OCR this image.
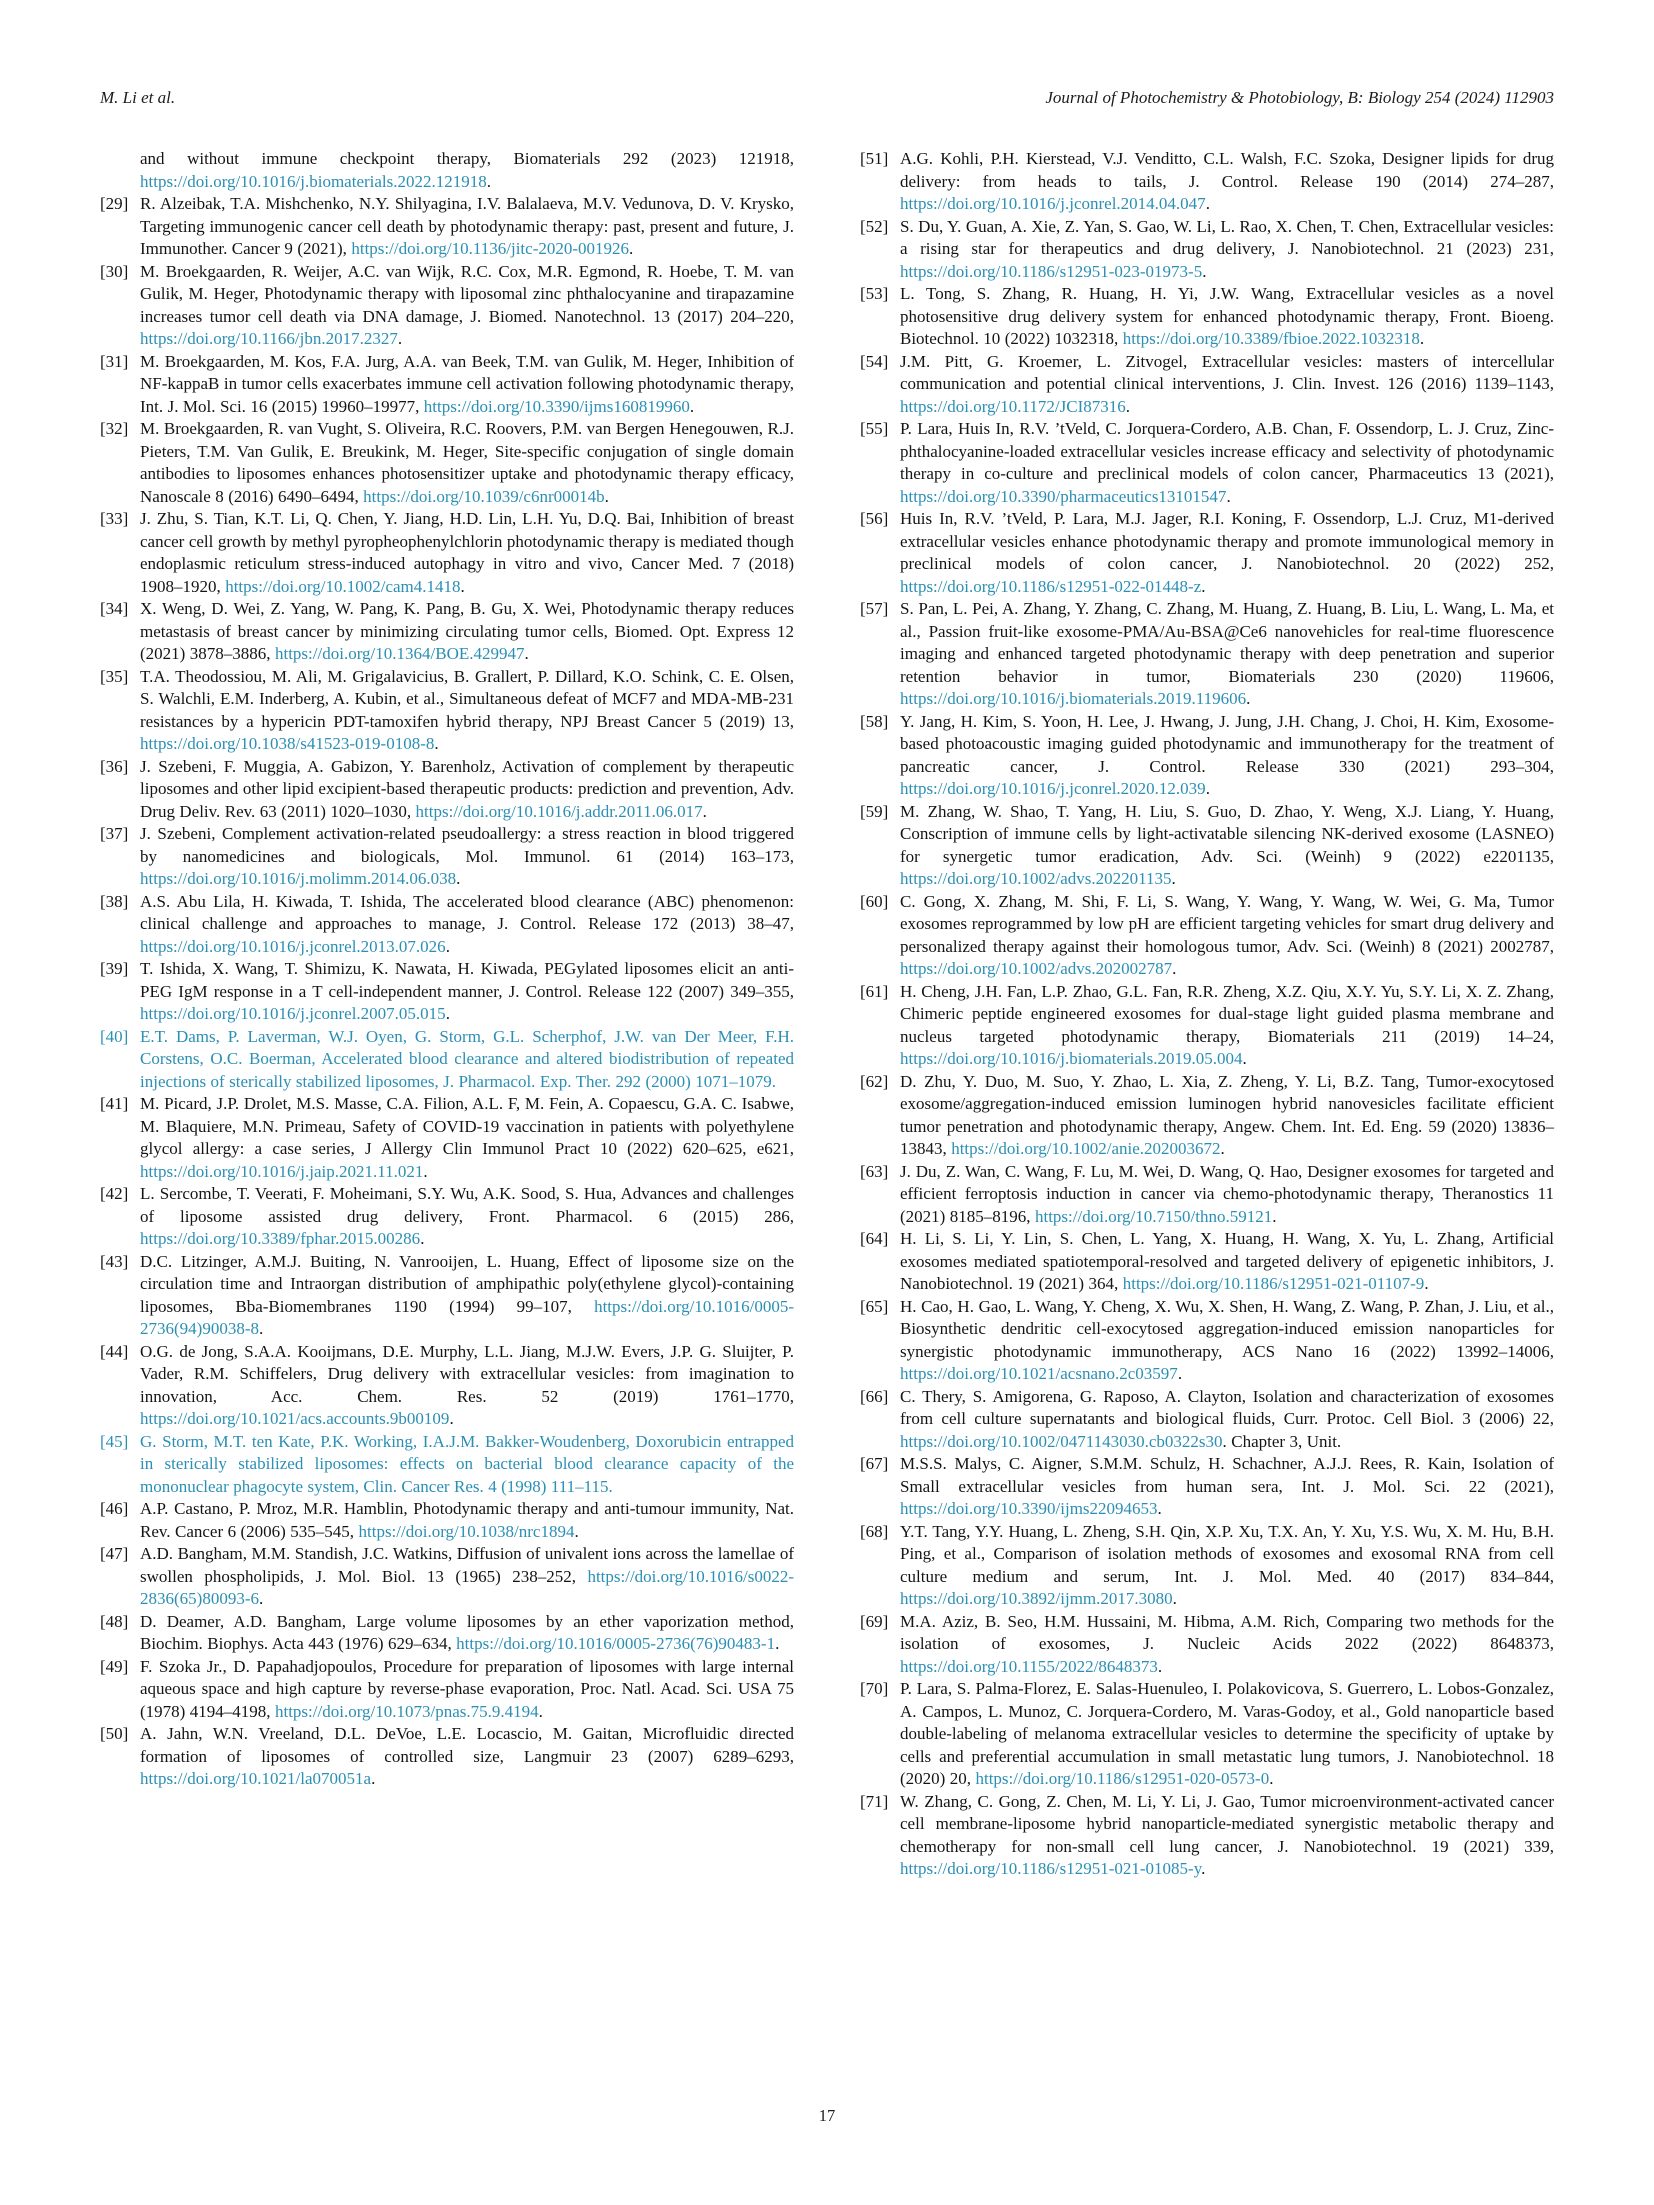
M. Li et al.	Journal of Photochemistry & Photobiology, B: Biology 254 (2024) 112903
and without immune checkpoint therapy, Biomaterials 292 (2023) 121918, https://doi.org/10.1016/j.biomaterials.2022.121918.
[29] R. Alzeibak, T.A. Mishchenko, N.Y. Shilyagina, I.V. Balalaeva, M.V. Vedunova, D. V. Krysko, Targeting immunogenic cancer cell death by photodynamic therapy: past, present and future, J. Immunother. Cancer 9 (2021), https://doi.org/10.1136/jitc-2020-001926.
[30] M. Broekgaarden, R. Weijer, A.C. van Wijk, R.C. Cox, M.R. Egmond, R. Hoebe, T. M. van Gulik, M. Heger, Photodynamic therapy with liposomal zinc phthalocyanine and tirapazamine increases tumor cell death via DNA damage, J. Biomed. Nanotechnol. 13 (2017) 204–220, https://doi.org/10.1166/jbn.2017.2327.
[31] M. Broekgaarden, M. Kos, F.A. Jurg, A.A. van Beek, T.M. van Gulik, M. Heger, Inhibition of NF-kappaB in tumor cells exacerbates immune cell activation following photodynamic therapy, Int. J. Mol. Sci. 16 (2015) 19960–19977, https://doi.org/10.3390/ijms160819960.
[32] M. Broekgaarden, R. van Vught, S. Oliveira, R.C. Roovers, P.M. van Bergen Henegouwen, R.J. Pieters, T.M. Van Gulik, E. Breukink, M. Heger, Site-specific conjugation of single domain antibodies to liposomes enhances photosensitizer uptake and photodynamic therapy efficacy, Nanoscale 8 (2016) 6490–6494, https://doi.org/10.1039/c6nr00014b.
[33] J. Zhu, S. Tian, K.T. Li, Q. Chen, Y. Jiang, H.D. Lin, L.H. Yu, D.Q. Bai, Inhibition of breast cancer cell growth by methyl pyropheophenylchlorin photodynamic therapy is mediated though endoplasmic reticulum stress-induced autophagy in vitro and vivo, Cancer Med. 7 (2018) 1908–1920, https://doi.org/10.1002/cam4.1418.
[34] X. Weng, D. Wei, Z. Yang, W. Pang, K. Pang, B. Gu, X. Wei, Photodynamic therapy reduces metastasis of breast cancer by minimizing circulating tumor cells, Biomed. Opt. Express 12 (2021) 3878–3886, https://doi.org/10.1364/BOE.429947.
[35] T.A. Theodossiou, M. Ali, M. Grigalavicius, B. Grallert, P. Dillard, K.O. Schink, C. E. Olsen, S. Walchli, E.M. Inderberg, A. Kubin, et al., Simultaneous defeat of MCF7 and MDA-MB-231 resistances by a hypericin PDT-tamoxifen hybrid therapy, NPJ Breast Cancer 5 (2019) 13, https://doi.org/10.1038/s41523-019-0108-8.
[36] J. Szebeni, F. Muggia, A. Gabizon, Y. Barenholz, Activation of complement by therapeutic liposomes and other lipid excipient-based therapeutic products: prediction and prevention, Adv. Drug Deliv. Rev. 63 (2011) 1020–1030, https://doi.org/10.1016/j.addr.2011.06.017.
[37] J. Szebeni, Complement activation-related pseudoallergy: a stress reaction in blood triggered by nanomedicines and biologicals, Mol. Immunol. 61 (2014) 163–173, https://doi.org/10.1016/j.molimm.2014.06.038.
[38] A.S. Abu Lila, H. Kiwada, T. Ishida, The accelerated blood clearance (ABC) phenomenon: clinical challenge and approaches to manage, J. Control. Release 172 (2013) 38–47, https://doi.org/10.1016/j.jconrel.2013.07.026.
[39] T. Ishida, X. Wang, T. Shimizu, K. Nawata, H. Kiwada, PEGylated liposomes elicit an anti-PEG IgM response in a T cell-independent manner, J. Control. Release 122 (2007) 349–355, https://doi.org/10.1016/j.jconrel.2007.05.015.
[40] E.T. Dams, P. Laverman, W.J. Oyen, G. Storm, G.L. Scherphof, J.W. van Der Meer, F.H. Corstens, O.C. Boerman, Accelerated blood clearance and altered biodistribution of repeated injections of sterically stabilized liposomes, J. Pharmacol. Exp. Ther. 292 (2000) 1071–1079.
[41] M. Picard, J.P. Drolet, M.S. Masse, C.A. Filion, A.L. F, M. Fein, A. Copaescu, G.A. C. Isabwe, M. Blaquiere, M.N. Primeau, Safety of COVID-19 vaccination in patients with polyethylene glycol allergy: a case series, J Allergy Clin Immunol Pract 10 (2022) 620–625, e621, https://doi.org/10.1016/j.jaip.2021.11.021.
[42] L. Sercombe, T. Veerati, F. Moheimani, S.Y. Wu, A.K. Sood, S. Hua, Advances and challenges of liposome assisted drug delivery, Front. Pharmacol. 6 (2015) 286, https://doi.org/10.3389/fphar.2015.00286.
[43] D.C. Litzinger, A.M.J. Buiting, N. Vanrooijen, L. Huang, Effect of liposome size on the circulation time and Intraorgan distribution of amphipathic poly(ethylene glycol)-containing liposomes, Bba-Biomembranes 1190 (1994) 99–107, https://doi.org/10.1016/0005-2736(94)90038-8.
[44] O.G. de Jong, S.A.A. Kooijmans, D.E. Murphy, L.L. Jiang, M.J.W. Evers, J.P. G. Sluijter, P. Vader, R.M. Schiffelers, Drug delivery with extracellular vesicles: from imagination to innovation, Acc. Chem. Res. 52 (2019) 1761–1770, https://doi.org/10.1021/acs.accounts.9b00109.
[45] G. Storm, M.T. ten Kate, P.K. Working, I.A.J.M. Bakker-Woudenberg, Doxorubicin entrapped in sterically stabilized liposomes: effects on bacterial blood clearance capacity of the mononuclear phagocyte system, Clin. Cancer Res. 4 (1998) 111–115.
[46] A.P. Castano, P. Mroz, M.R. Hamblin, Photodynamic therapy and anti-tumour immunity, Nat. Rev. Cancer 6 (2006) 535–545, https://doi.org/10.1038/nrc1894.
[47] A.D. Bangham, M.M. Standish, J.C. Watkins, Diffusion of univalent ions across the lamellae of swollen phospholipids, J. Mol. Biol. 13 (1965) 238–252, https://doi.org/10.1016/s0022-2836(65)80093-6.
[48] D. Deamer, A.D. Bangham, Large volume liposomes by an ether vaporization method, Biochim. Biophys. Acta 443 (1976) 629–634, https://doi.org/10.1016/0005-2736(76)90483-1.
[49] F. Szoka Jr., D. Papahadjopoulos, Procedure for preparation of liposomes with large internal aqueous space and high capture by reverse-phase evaporation, Proc. Natl. Acad. Sci. USA 75 (1978) 4194–4198, https://doi.org/10.1073/pnas.75.9.4194.
[50] A. Jahn, W.N. Vreeland, D.L. DeVoe, L.E. Locascio, M. Gaitan, Microfluidic directed formation of liposomes of controlled size, Langmuir 23 (2007) 6289–6293, https://doi.org/10.1021/la070051a.
[51] A.G. Kohli, P.H. Kierstead, V.J. Venditto, C.L. Walsh, F.C. Szoka, Designer lipids for drug delivery: from heads to tails, J. Control. Release 190 (2014) 274–287, https://doi.org/10.1016/j.jconrel.2014.04.047.
[52] S. Du, Y. Guan, A. Xie, Z. Yan, S. Gao, W. Li, L. Rao, X. Chen, T. Chen, Extracellular vesicles: a rising star for therapeutics and drug delivery, J. Nanobiotechnol. 21 (2023) 231, https://doi.org/10.1186/s12951-023-01973-5.
[53] L. Tong, S. Zhang, R. Huang, H. Yi, J.W. Wang, Extracellular vesicles as a novel photosensitive drug delivery system for enhanced photodynamic therapy, Front. Bioeng. Biotechnol. 10 (2022) 1032318, https://doi.org/10.3389/fbioe.2022.1032318.
[54] J.M. Pitt, G. Kroemer, L. Zitvogel, Extracellular vesicles: masters of intercellular communication and potential clinical interventions, J. Clin. Invest. 126 (2016) 1139–1143, https://doi.org/10.1172/JCI87316.
[55] P. Lara, Huis In, R.V. ’tVeld, C. Jorquera-Cordero, A.B. Chan, F. Ossendorp, L. J. Cruz, Zinc-phthalocyanine-loaded extracellular vesicles increase efficacy and selectivity of photodynamic therapy in co-culture and preclinical models of colon cancer, Pharmaceutics 13 (2021), https://doi.org/10.3390/pharmaceutics13101547.
[56] Huis In, R.V. ’tVeld, P. Lara, M.J. Jager, R.I. Koning, F. Ossendorp, L.J. Cruz, M1-derived extracellular vesicles enhance photodynamic therapy and promote immunological memory in preclinical models of colon cancer, J. Nanobiotechnol. 20 (2022) 252, https://doi.org/10.1186/s12951-022-01448-z.
[57] S. Pan, L. Pei, A. Zhang, Y. Zhang, C. Zhang, M. Huang, Z. Huang, B. Liu, L. Wang, L. Ma, et al., Passion fruit-like exosome-PMA/Au-BSA@Ce6 nanovehicles for real-time fluorescence imaging and enhanced targeted photodynamic therapy with deep penetration and superior retention behavior in tumor, Biomaterials 230 (2020) 119606, https://doi.org/10.1016/j.biomaterials.2019.119606.
[58] Y. Jang, H. Kim, S. Yoon, H. Lee, J. Hwang, J. Jung, J.H. Chang, J. Choi, H. Kim, Exosome-based photoacoustic imaging guided photodynamic and immunotherapy for the treatment of pancreatic cancer, J. Control. Release 330 (2021) 293–304, https://doi.org/10.1016/j.jconrel.2020.12.039.
[59] M. Zhang, W. Shao, T. Yang, H. Liu, S. Guo, D. Zhao, Y. Weng, X.J. Liang, Y. Huang, Conscription of immune cells by light-activatable silencing NK-derived exosome (LASNEO) for synergetic tumor eradication, Adv. Sci. (Weinh) 9 (2022) e2201135, https://doi.org/10.1002/advs.202201135.
[60] C. Gong, X. Zhang, M. Shi, F. Li, S. Wang, Y. Wang, Y. Wang, W. Wei, G. Ma, Tumor exosomes reprogrammed by low pH are efficient targeting vehicles for smart drug delivery and personalized therapy against their homologous tumor, Adv. Sci. (Weinh) 8 (2021) 2002787, https://doi.org/10.1002/advs.202002787.
[61] H. Cheng, J.H. Fan, L.P. Zhao, G.L. Fan, R.R. Zheng, X.Z. Qiu, X.Y. Yu, S.Y. Li, X. Z. Zhang, Chimeric peptide engineered exosomes for dual-stage light guided plasma membrane and nucleus targeted photodynamic therapy, Biomaterials 211 (2019) 14–24, https://doi.org/10.1016/j.biomaterials.2019.05.004.
[62] D. Zhu, Y. Duo, M. Suo, Y. Zhao, L. Xia, Z. Zheng, Y. Li, B.Z. Tang, Tumor-exocytosed exosome/aggregation-induced emission luminogen hybrid nanovesicles facilitate efficient tumor penetration and photodynamic therapy, Angew. Chem. Int. Ed. Eng. 59 (2020) 13836–13843, https://doi.org/10.1002/anie.202003672.
[63] J. Du, Z. Wan, C. Wang, F. Lu, M. Wei, D. Wang, Q. Hao, Designer exosomes for targeted and efficient ferroptosis induction in cancer via chemo-photodynamic therapy, Theranostics 11 (2021) 8185–8196, https://doi.org/10.7150/thno.59121.
[64] H. Li, S. Li, Y. Lin, S. Chen, L. Yang, X. Huang, H. Wang, X. Yu, L. Zhang, Artificial exosomes mediated spatiotemporal-resolved and targeted delivery of epigenetic inhibitors, J. Nanobiotechnol. 19 (2021) 364, https://doi.org/10.1186/s12951-021-01107-9.
[65] H. Cao, H. Gao, L. Wang, Y. Cheng, X. Wu, X. Shen, H. Wang, Z. Wang, P. Zhan, J. Liu, et al., Biosynthetic dendritic cell-exocytosed aggregation-induced emission nanoparticles for synergistic photodynamic immunotherapy, ACS Nano 16 (2022) 13992–14006, https://doi.org/10.1021/acsnano.2c03597.
[66] C. Thery, S. Amigorena, G. Raposo, A. Clayton, Isolation and characterization of exosomes from cell culture supernatants and biological fluids, Curr. Protoc. Cell Biol. 3 (2006) 22, https://doi.org/10.1002/0471143030.cb0322s30. Chapter 3, Unit.
[67] M.S.S. Malys, C. Aigner, S.M.M. Schulz, H. Schachner, A.J.J. Rees, R. Kain, Isolation of Small extracellular vesicles from human sera, Int. J. Mol. Sci. 22 (2021), https://doi.org/10.3390/ijms22094653.
[68] Y.T. Tang, Y.Y. Huang, L. Zheng, S.H. Qin, X.P. Xu, T.X. An, Y. Xu, Y.S. Wu, X. M. Hu, B.H. Ping, et al., Comparison of isolation methods of exosomes and exosomal RNA from cell culture medium and serum, Int. J. Mol. Med. 40 (2017) 834–844, https://doi.org/10.3892/ijmm.2017.3080.
[69] M.A. Aziz, B. Seo, H.M. Hussaini, M. Hibma, A.M. Rich, Comparing two methods for the isolation of exosomes, J. Nucleic Acids 2022 (2022) 8648373, https://doi.org/10.1155/2022/8648373.
[70] P. Lara, S. Palma-Florez, E. Salas-Huenuleo, I. Polakovicova, S. Guerrero, L. Lobos-Gonzalez, A. Campos, L. Munoz, C. Jorquera-Cordero, M. Varas-Godoy, et al., Gold nanoparticle based double-labeling of melanoma extracellular vesicles to determine the specificity of uptake by cells and preferential accumulation in small metastatic lung tumors, J. Nanobiotechnol. 18 (2020) 20, https://doi.org/10.1186/s12951-020-0573-0.
[71] W. Zhang, C. Gong, Z. Chen, M. Li, Y. Li, J. Gao, Tumor microenvironment-activated cancer cell membrane-liposome hybrid nanoparticle-mediated synergistic metabolic therapy and chemotherapy for non-small cell lung cancer, J. Nanobiotechnol. 19 (2021) 339, https://doi.org/10.1186/s12951-021-01085-y.
17
